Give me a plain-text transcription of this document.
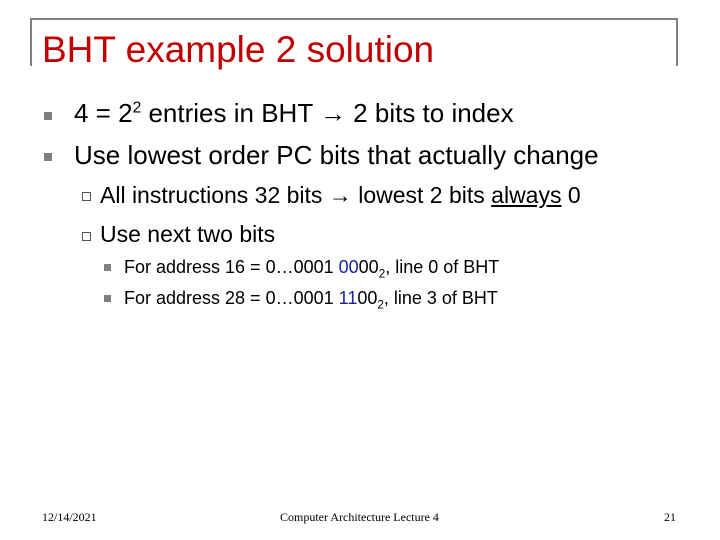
BHT example 2 solution
$4 = 2^2$ entries in BHT → 2 bits to index
Use lowest order PC bits that actually change
All instructions 32 bits → lowest 2 bits always 0
Use next two bits
For address 16 = 0…0001 $0000_2$, line 0 of BHT
For address 28 = 0…0001 $1100_2$, line 3 of BHT
12/14/2021	Computer Architecture Lecture 4	21
